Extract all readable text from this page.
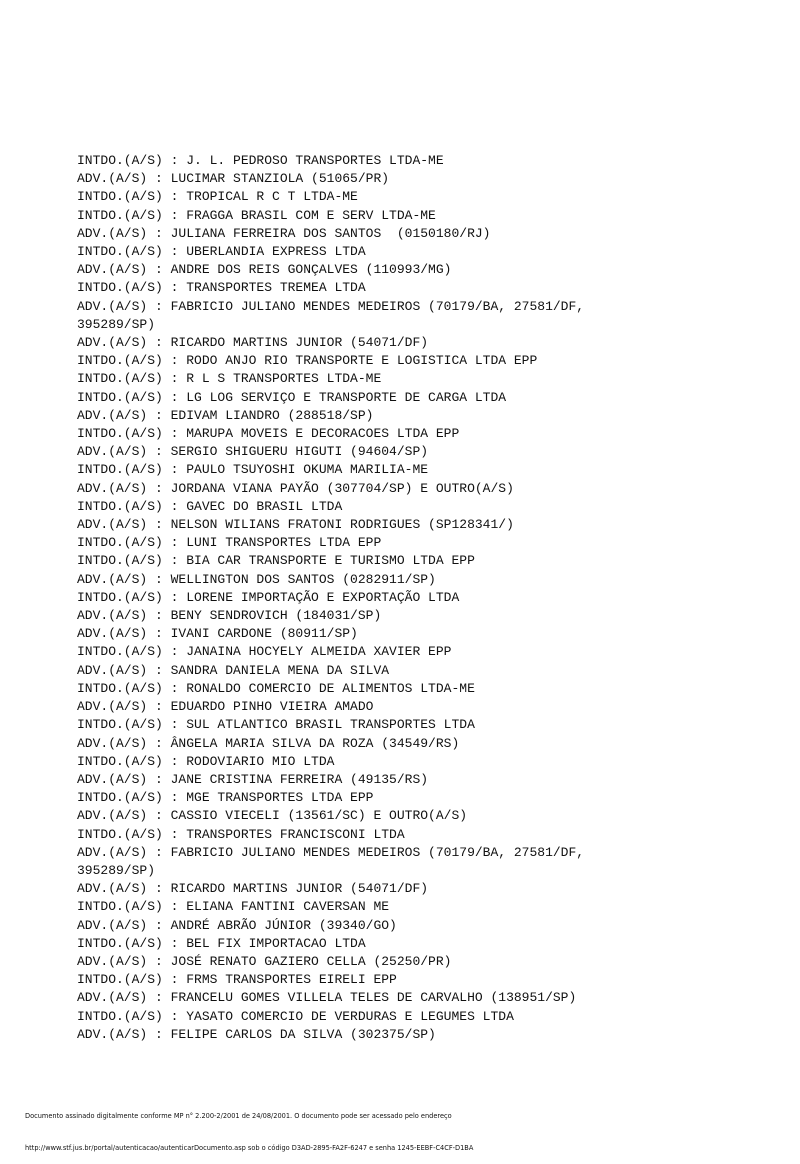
INTDO.(A/S) : J. L. PEDROSO TRANSPORTES LTDA-ME
ADV.(A/S) : LUCIMAR STANZIOLA (51065/PR)
INTDO.(A/S) : TROPICAL R C T LTDA-ME
INTDO.(A/S) : FRAGGA BRASIL COM E SERV LTDA-ME
ADV.(A/S) : JULIANA FERREIRA DOS SANTOS  (0150180/RJ)
INTDO.(A/S) : UBERLANDIA EXPRESS LTDA
ADV.(A/S) : ANDRE DOS REIS GONÇALVES (110993/MG)
INTDO.(A/S) : TRANSPORTES TREMEA LTDA
ADV.(A/S) : FABRICIO JULIANO MENDES MEDEIROS (70179/BA, 27581/DF,
395289/SP)
ADV.(A/S) : RICARDO MARTINS JUNIOR (54071/DF)
INTDO.(A/S) : RODO ANJO RIO TRANSPORTE E LOGISTICA LTDA EPP
INTDO.(A/S) : R L S TRANSPORTES LTDA-ME
INTDO.(A/S) : LG LOG SERVIÇO E TRANSPORTE DE CARGA LTDA
ADV.(A/S) : EDIVAM LIANDRO (288518/SP)
INTDO.(A/S) : MARUPA MOVEIS E DECORACOES LTDA EPP
ADV.(A/S) : SERGIO SHIGUERU HIGUTI (94604/SP)
INTDO.(A/S) : PAULO TSUYOSHI OKUMA MARILIA-ME
ADV.(A/S) : JORDANA VIANA PAYÃO (307704/SP) E OUTRO(A/S)
INTDO.(A/S) : GAVEC DO BRASIL LTDA
ADV.(A/S) : NELSON WILIANS FRATONI RODRIGUES (SP128341/)
INTDO.(A/S) : LUNI TRANSPORTES LTDA EPP
INTDO.(A/S) : BIA CAR TRANSPORTE E TURISMO LTDA EPP
ADV.(A/S) : WELLINGTON DOS SANTOS (0282911/SP)
INTDO.(A/S) : LORENE IMPORTAÇÃO E EXPORTAÇÃO LTDA
ADV.(A/S) : BENY SENDROVICH (184031/SP)
ADV.(A/S) : IVANI CARDONE (80911/SP)
INTDO.(A/S) : JANAINA HOCYELY ALMEIDA XAVIER EPP
ADV.(A/S) : SANDRA DANIELA MENA DA SILVA
INTDO.(A/S) : RONALDO COMERCIO DE ALIMENTOS LTDA-ME
ADV.(A/S) : EDUARDO PINHO VIEIRA AMADO
INTDO.(A/S) : SUL ATLANTICO BRASIL TRANSPORTES LTDA
ADV.(A/S) : ÂNGELA MARIA SILVA DA ROZA (34549/RS)
INTDO.(A/S) : RODOVIARIO MIO LTDA
ADV.(A/S) : JANE CRISTINA FERREIRA (49135/RS)
INTDO.(A/S) : MGE TRANSPORTES LTDA EPP
ADV.(A/S) : CASSIO VIECELI (13561/SC) E OUTRO(A/S)
INTDO.(A/S) : TRANSPORTES FRANCISCONI LTDA
ADV.(A/S) : FABRICIO JULIANO MENDES MEDEIROS (70179/BA, 27581/DF,
395289/SP)
ADV.(A/S) : RICARDO MARTINS JUNIOR (54071/DF)
INTDO.(A/S) : ELIANA FANTINI CAVERSAN ME
ADV.(A/S) : ANDRÉ ABRÃO JÚNIOR (39340/GO)
INTDO.(A/S) : BEL FIX IMPORTACAO LTDA
ADV.(A/S) : JOSÉ RENATO GAZIERO CELLA (25250/PR)
INTDO.(A/S) : FRMS TRANSPORTES EIRELI EPP
ADV.(A/S) : FRANCELU GOMES VILLELA TELES DE CARVALHO (138951/SP)
INTDO.(A/S) : YASATO COMERCIO DE VERDURAS E LEGUMES LTDA
ADV.(A/S) : FELIPE CARLOS DA SILVA (302375/SP)

Documento assinado digitalmente conforme MP n° 2.200-2/2001 de 24/08/2001. O documento pode ser acessado pelo endereço

http://www.stf.jus.br/portal/autenticacao/autenticarDocumento.asp sob o código D3AD-2895-FA2F-6247 e senha 1245-EEBF-C4CF-D1BA
